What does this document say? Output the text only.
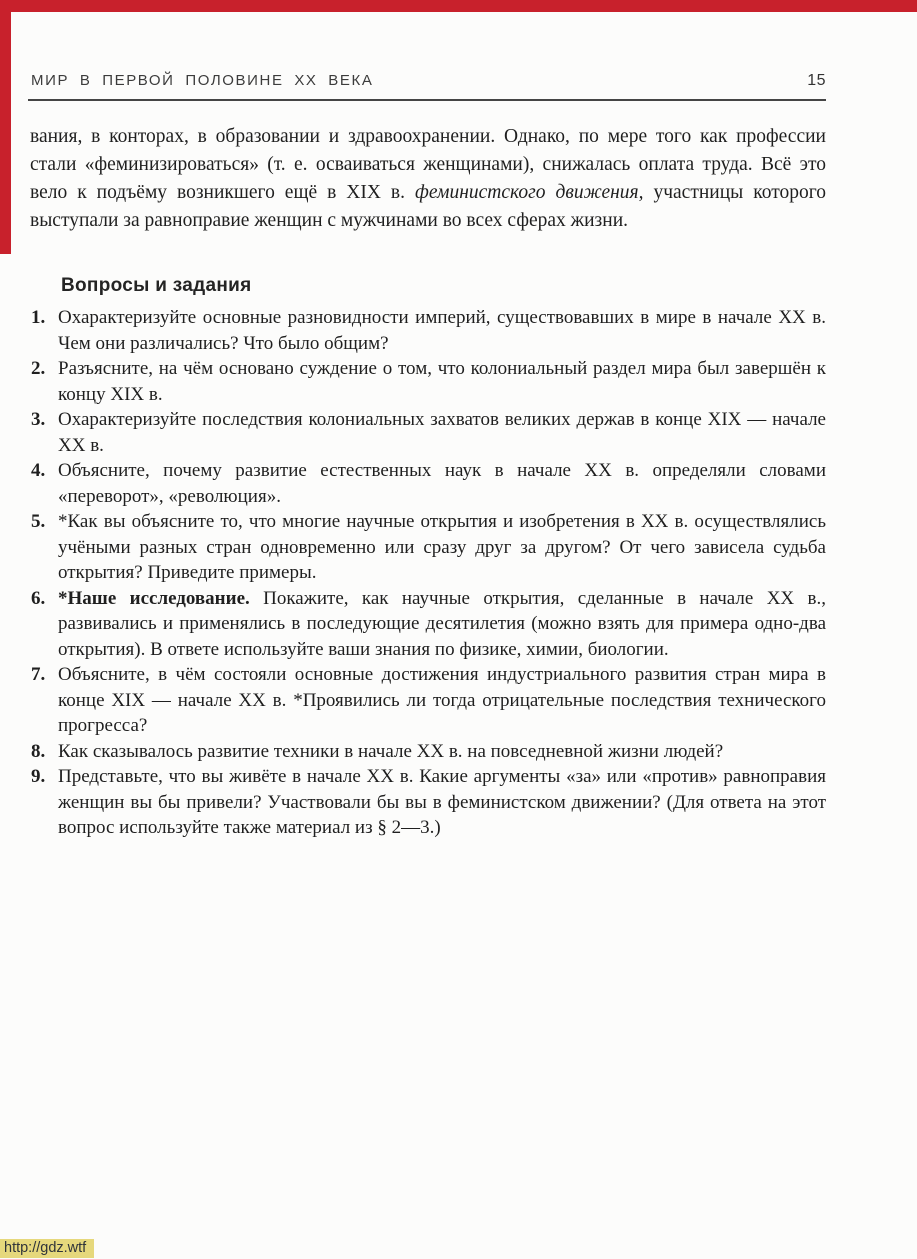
МИР В ПЕРВОЙ ПОЛОВИНЕ XX ВЕКА	15
вания, в конторах, в образовании и здравоохранении. Однако, по мере того как профессии стали «феминизироваться» (т. е. осваиваться женщинами), снижалась оплата труда. Всё это вело к подъёму возникшего ещё в XIX в. феминистского движения, участницы которого выступали за равноправие женщин с мужчинами во всех сферах жизни.
Вопросы и задания
1. Охарактеризуйте основные разновидности империй, существовавших в мире в начале XX в. Чем они различались? Что было общим?
2. Разъясните, на чём основано суждение о том, что колониальный раздел мира был завершён к концу XIX в.
3. Охарактеризуйте последствия колониальных захватов великих держав в конце XIX — начале XX в.
4. Объясните, почему развитие естественных наук в начале XX в. определяли словами «переворот», «революция».
5. *Как вы объясните то, что многие научные открытия и изобретения в XX в. осуществлялись учёными разных стран одновременно или сразу друг за другом? От чего зависела судьба открытия? Приведите примеры.
6. *Наше исследование. Покажите, как научные открытия, сделанные в начале XX в., развивались и применялись в последующие десятилетия (можно взять для примера одно-два открытия). В ответе используйте ваши знания по физике, химии, биологии.
7. Объясните, в чём состояли основные достижения индустриального развития стран мира в конце XIX — начале XX в. *Проявились ли тогда отрицательные последствия технического прогресса?
8. Как сказывалось развитие техники в начале XX в. на повседневной жизни людей?
9. Представьте, что вы живёте в начале XX в. Какие аргументы «за» или «против» равноправия женщин вы бы привели? Участвовали бы вы в феминистском движении? (Для ответа на этот вопрос используйте также материал из § 2—3.)
http://gdz.wtf
